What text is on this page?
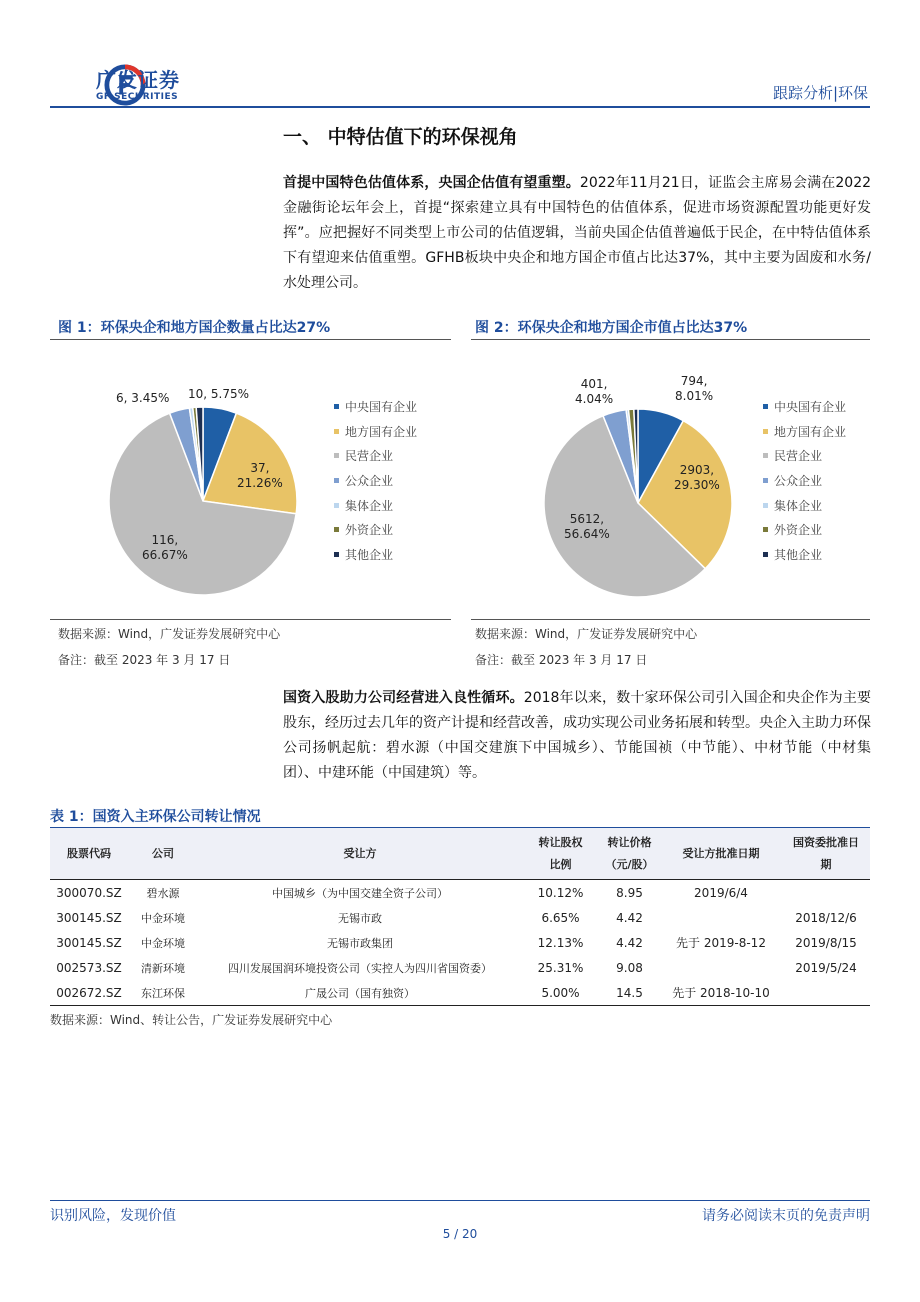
广发证券
GF SECURITIES	跟踪分析|环保
一、 中特估值下的环保视角
首提中国特色估值体系，央国企估值有望重塑。2022年11月21日，证监会主席易会满在2022金融街论坛年会上，首提“探索建立具有中国特色的估值体系，促进市场资源配置功能更好发挥”。应把握好不同类型上市公司的估值逻辑，当前央国企估值普遍低于民企，在中特估值体系下有望迎来估值重塑。GFHB板块中央企和地方国企市值占比达37%，其中主要为固废和水务/水处理公司。
图 1：环保央企和地方国企数量占比达27%
10, 5.75%
37,
21.26%
116,
66.67%
6, 3.45%
中央国有企业
地方国有企业
民营企业
公众企业
集体企业
外资企业
其他企业
数据来源：Wind，广发证券发展研究中心
备注：截至 2023 年 3 月 17 日
图 2：环保央企和地方国企市值占比达37%
794,
8.01%
2903,
29.30%
5612,
56.64%
401,
4.04%
中央国有企业
地方国有企业
民营企业
公众企业
集体企业
外资企业
其他企业
数据来源：Wind，广发证券发展研究中心
备注：截至 2023 年 3 月 17 日
国资入股助力公司经营进入良性循环。2018年以来，数十家环保公司引入国企和央企作为主要股东，经历过去几年的资产计提和经营改善，成功实现公司业务拓展和转型。央企入主助力环保公司扬帆起航：碧水源（中国交建旗下中国城乡）、节能国祯（中节能）、中材节能（中材集团）、中建环能（中国建筑）等。
表 1：国资入主环保公司转让情况
股票代码	公司	受让方	转让股权比例	转让价格（元/股）	受让方批准日期	国资委批准日期
300070.SZ	碧水源	中国城乡（为中国交建全资子公司）	10.12%	8.95	2019/6/4	
300145.SZ	中金环境	无锡市政	6.65%	4.42		2018/12/6
300145.SZ	中金环境	无锡市政集团	12.13%	4.42	先于 2019-8-12	2019/8/15
002573.SZ	清新环境	四川发展国润环境投资公司（实控人为四川省国资委）	25.31%	9.08		2019/5/24
002672.SZ	东江环保	广晟公司（国有独资）	5.00%	14.5	先于 2018-10-10	
数据来源：Wind、转让公告，广发证券发展研究中心
识别风险，发现价值	请务必阅读末页的免责声明
5 / 20
